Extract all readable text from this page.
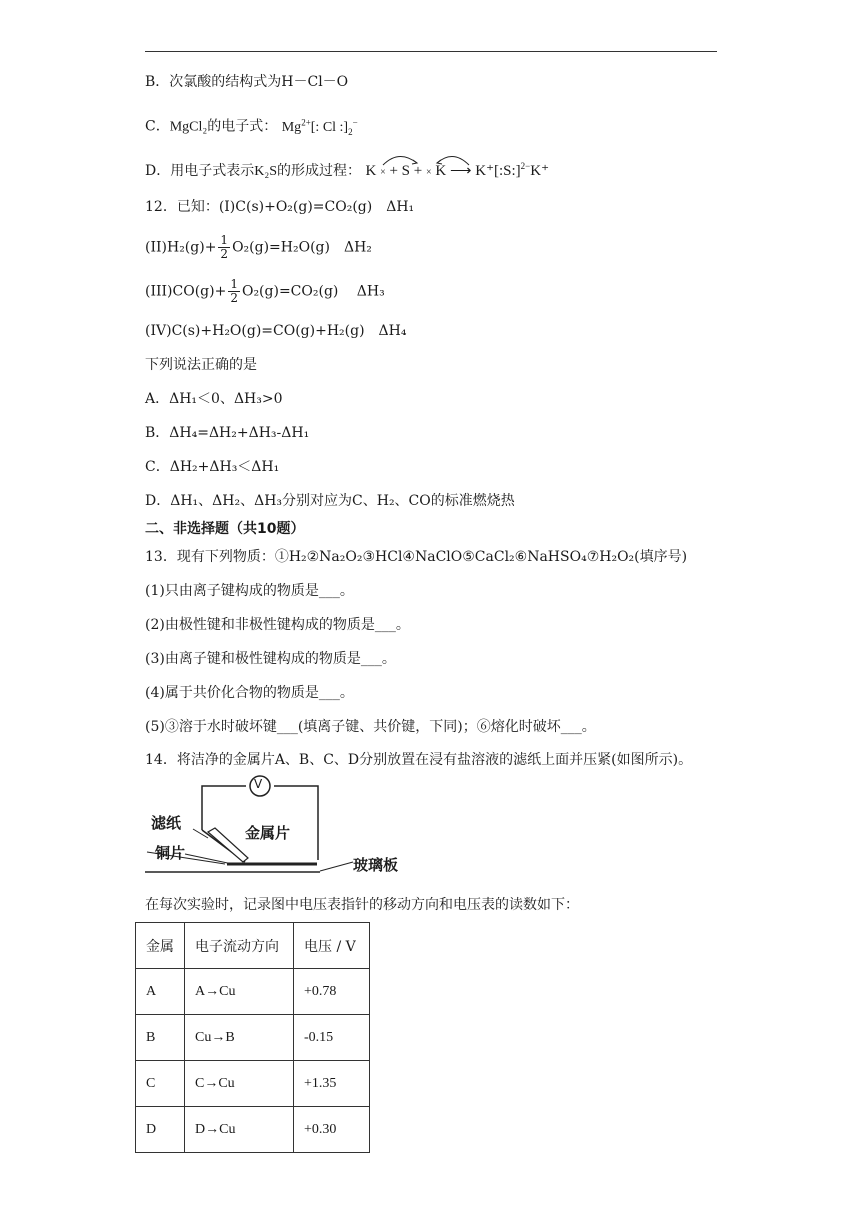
B．次氯酸的结构式为H－Cl－O
C．MgCl₂的电子式： $Mg^{2+}$[: Cl $:]_2^-$
D．用电子式表示K₂S的形成过程： K × + S + × K ⟶ K⁺[:S:]$^{2-}$K⁺
12．已知：(I)C(s)+O₂(g)=CO₂(g)　ΔH₁
$(II)H_2(g)+ \frac{1}{2} O_2(g)=H_2O(g)$　ΔH₂
$(III)CO(g)+ \frac{1}{2} O_2(g)=CO_2(g)$　 ΔH₃
(IV)C(s)+H₂O(g)=CO(g)+H₂(g)　ΔH₄
下列说法正确的是
A．ΔH₁＜0、ΔH₃>0
B．ΔH₄=ΔH₂+ΔH₃-ΔH₁
C．ΔH₂+ΔH₃＜ΔH₁
D．ΔH₁、ΔH₂、ΔH₃分别对应为C、H₂、CO的标准燃烧热
二、非选择题（共10题）
13．现有下列物质：①H₂②Na₂O₂③HCl④NaClO⑤CaCl₂⑥NaHSO₄⑦H₂O₂(填序号)
(1)只由离子键构成的物质是___。
(2)由极性键和非极性键构成的物质是___。
(3)由离子键和极性键构成的物质是___。
(4)属于共价化合物的物质是___。
(5)③溶于水时破坏键___(填离子键、共价键，下同)；⑥熔化时破坏___。
14．将洁净的金属片A、B、C、D分别放置在浸有盐溶液的滤纸上面并压紧(如图所示)。
V
滤纸
金属片
铜片
玻璃板
在每次实验时，记录图中电压表指针的移动方向和电压表的读数如下：
金属	电子流动方向	电压 / V
A	A→Cu	+0.78
B	Cu→B	-0.15
C	C→Cu	+1.35
D	D→Cu	+0.30
